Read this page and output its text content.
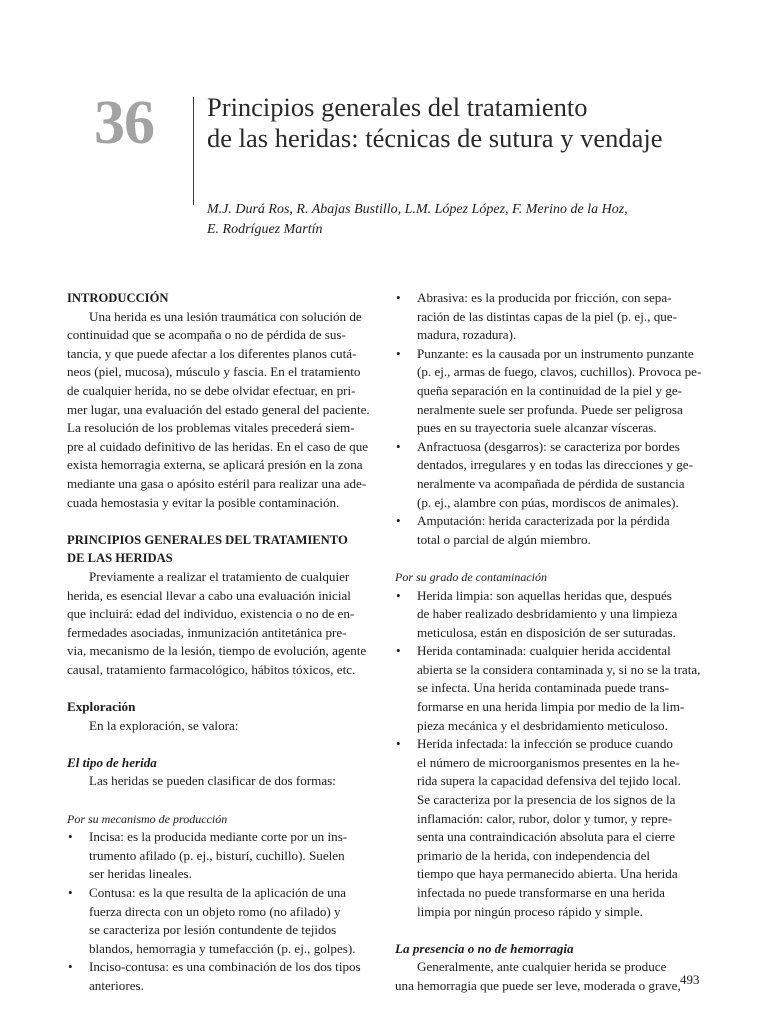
36 Principios generales del tratamiento
de las heridas: técnicas de sutura y vendaje
M.J. Durá Ros, R. Abajas Bustillo, L.M. López López, F. Merino de la Hoz,
E. Rodríguez Martín
INTRODUCCIÓN
Una herida es una lesión traumática con solución de
continuidad que se acompaña o no de pérdida de sus-
tancia, y que puede afectar a los diferentes planos cutá-
neos (piel, mucosa), músculo y fascia. En el tratamiento
de cualquier herida, no se debe olvidar efectuar, en pri-
mer lugar, una evaluación del estado general del paciente.
La resolución de los problemas vitales precederá siem-
pre al cuidado definitivo de las heridas. En el caso de que
exista hemorragia externa, se aplicará presión en la zona
mediante una gasa o apósito estéril para realizar una ade-
cuada hemostasia y evitar la posible contaminación.
PRINCIPIOS GENERALES DEL TRATAMIENTO
DE LAS HERIDAS
Previamente a realizar el tratamiento de cualquier
herida, es esencial llevar a cabo una evaluación inicial
que incluirá: edad del individuo, existencia o no de en-
fermedades asociadas, inmunización antitetánica pre-
via, mecanismo de la lesión, tiempo de evolución, agente
causal, tratamiento farmacológico, hábitos tóxicos, etc.
Exploración
En la exploración, se valora:
El tipo de herida
Las heridas se pueden clasificar de dos formas:
Por su mecanismo de producción
• Incisa: es la producida mediante corte por un ins-
trumento afilado (p. ej., bisturí, cuchillo). Suelen
ser heridas lineales.
• Contusa: es la que resulta de la aplicación de una
fuerza directa con un objeto romo (no afilado) y
se caracteriza por lesión contundente de tejidos
blandos, hemorragia y tumefacción (p. ej., golpes).
• Inciso-contusa: es una combinación de los dos tipos
anteriores.
• Abrasiva: es la producida por fricción, con sepa-
ración de las distintas capas de la piel (p. ej., que-
madura, rozadura).
• Punzante: es la causada por un instrumento punzante
(p. ej., armas de fuego, clavos, cuchillos). Provoca pe-
queña separación en la continuidad de la piel y ge-
neralmente suele ser profunda. Puede ser peligrosa
pues en su trayectoria suele alcanzar vísceras.
• Anfractuosa (desgarros): se caracteriza por bordes
dentados, irregulares y en todas las direcciones y ge-
neralmente va acompañada de pérdida de sustancia
(p. ej., alambre con púas, mordiscos de animales).
• Amputación: herida caracterizada por la pérdida
total o parcial de algún miembro.
Por su grado de contaminación
• Herida limpia: son aquellas heridas que, después
de haber realizado desbridamiento y una limpieza
meticulosa, están en disposición de ser suturadas.
• Herida contaminada: cualquier herida accidental
abierta se la considera contaminada y, si no se la trata,
se infecta. Una herida contaminada puede trans-
formarse en una herida limpia por medio de la lim-
pieza mecánica y el desbridamiento meticuloso.
• Herida infectada: la infección se produce cuando
el número de microorganismos presentes en la he-
rida supera la capacidad defensiva del tejido local.
Se caracteriza por la presencia de los signos de la
inflamación: calor, rubor, dolor y tumor, y repre-
senta una contraindicación absoluta para el cierre
primario de la herida, con independencia del
tiempo que haya permanecido abierta. Una herida
infectada no puede transformarse en una herida
limpia por ningún proceso rápido y simple.
La presencia o no de hemorragia
Generalmente, ante cualquier herida se produce
una hemorragia que puede ser leve, moderada o grave, 493
